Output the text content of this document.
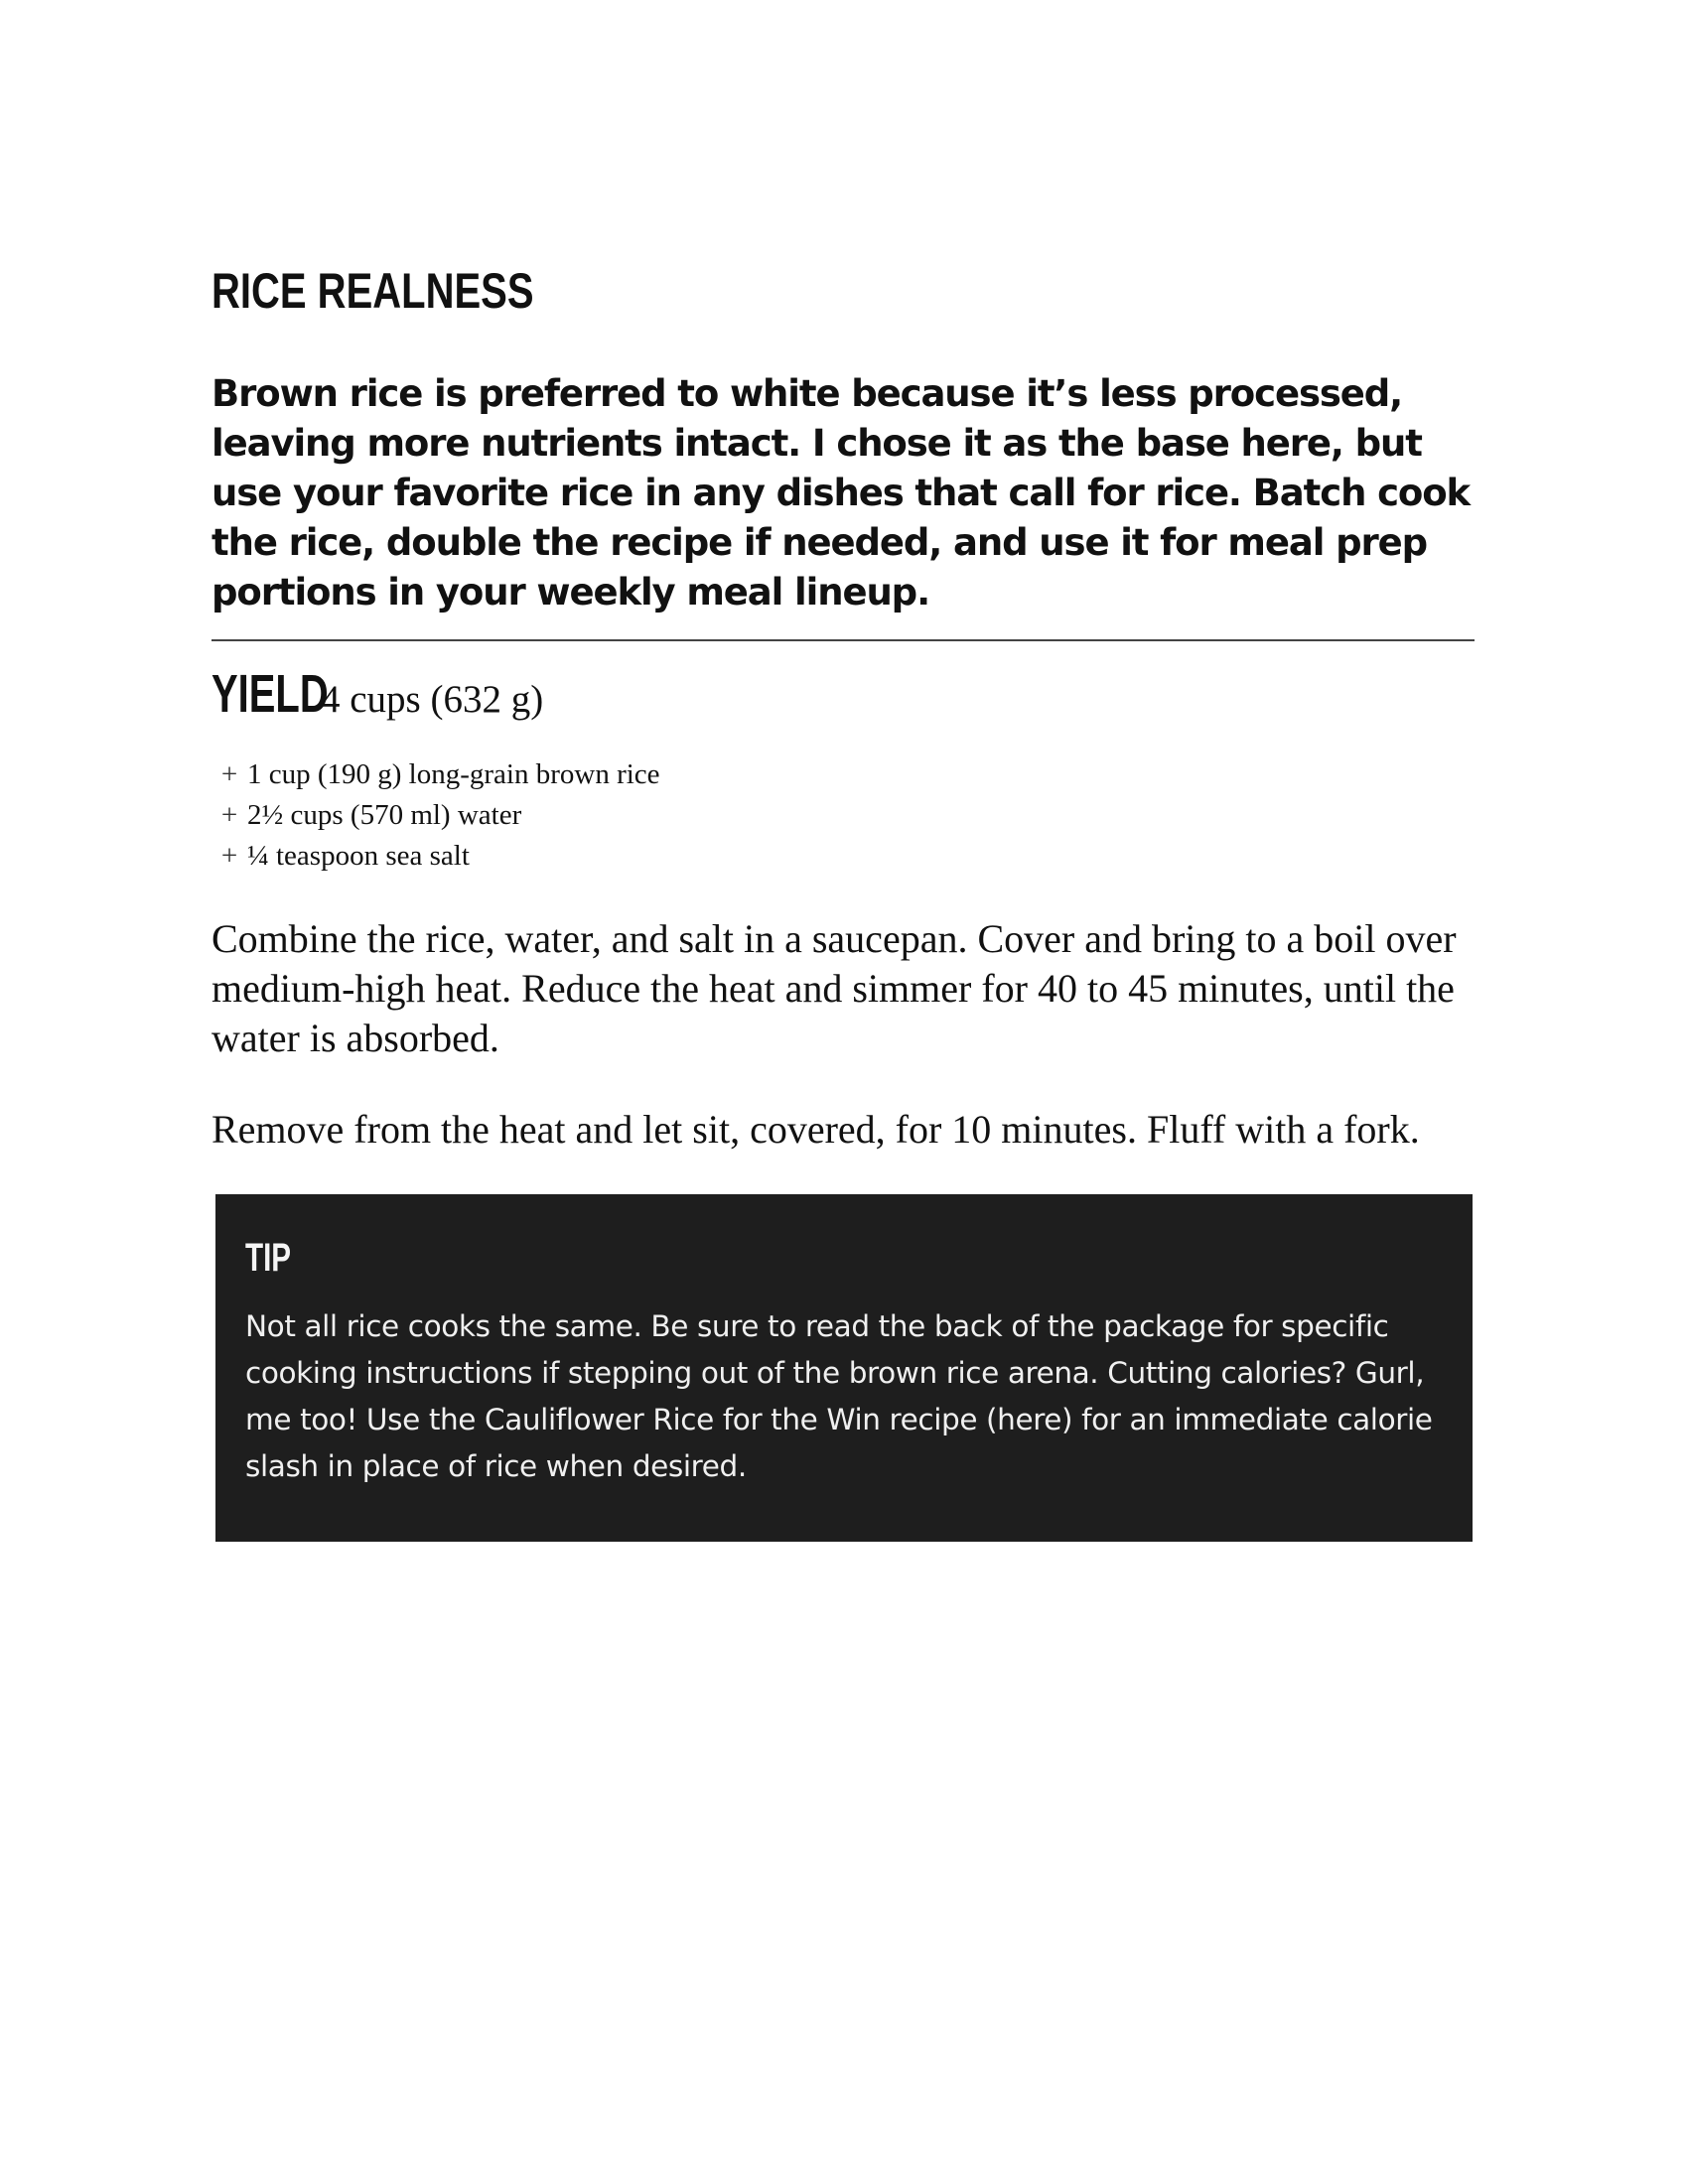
RICE REALNESS

Brown rice is preferred to white because it’s less processed, leaving more nutrients intact. I chose it as the base here, but use your favorite rice in any dishes that call for rice. Batch cook the rice, double the recipe if needed, and use it for meal prep portions in your weekly meal lineup.

YIELD
4 cups (632 g)
+ 1 cup (190 g) long-grain brown rice
+ 2½ cups (570 ml) water
+ ¼ teaspoon sea salt

Combine the rice, water, and salt in a saucepan. Cover and bring to a boil over medium-high heat. Reduce the heat and simmer for 40 to 45 minutes, until the water is absorbed.

Remove from the heat and let sit, covered, for 10 minutes. Fluff with a fork.

TIP

Not all rice cooks the same. Be sure to read the back of the package for specific cooking instructions if stepping out of the brown rice arena. Cutting calories? Gurl, me too! Use the Cauliflower Rice for the Win recipe (here) for an immediate calorie slash in place of rice when desired.
